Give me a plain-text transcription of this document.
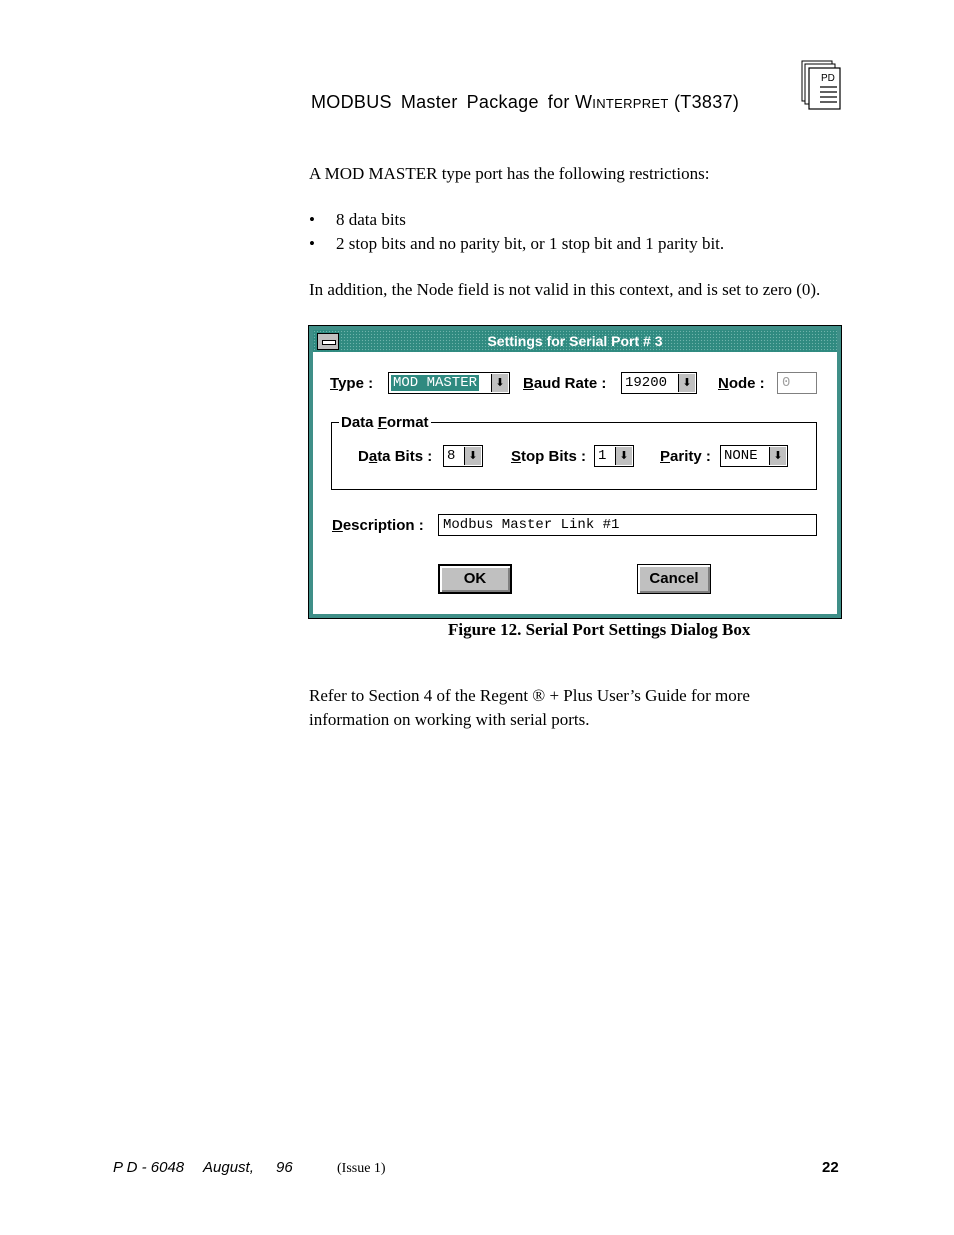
MODBUS Master Package for Winterpret (T3837)
PD
A MOD MASTER type port has the following restrictions:
• 8 data bits
• 2 stop bits and no parity bit, or 1 stop bit and 1 parity bit.
In addition, the Node field is not valid in this context, and is set to zero (0).
Settings for Serial Port # 3
Type : MOD MASTER	⬇ Baud Rate : 19200	⬇ Node : 0
Data Format
Data Bits : 8	⬇ Stop Bits : 1	⬇ Parity : NONE	⬇
Description : Modbus Master Link #1
OK	Cancel
Figure 12. Serial Port Settings Dialog Box
Refer to Section 4 of the Regent ® + Plus User’s Guide for more
information on working with serial ports.
P D - 6048 August, 96	(Issue 1)	22
